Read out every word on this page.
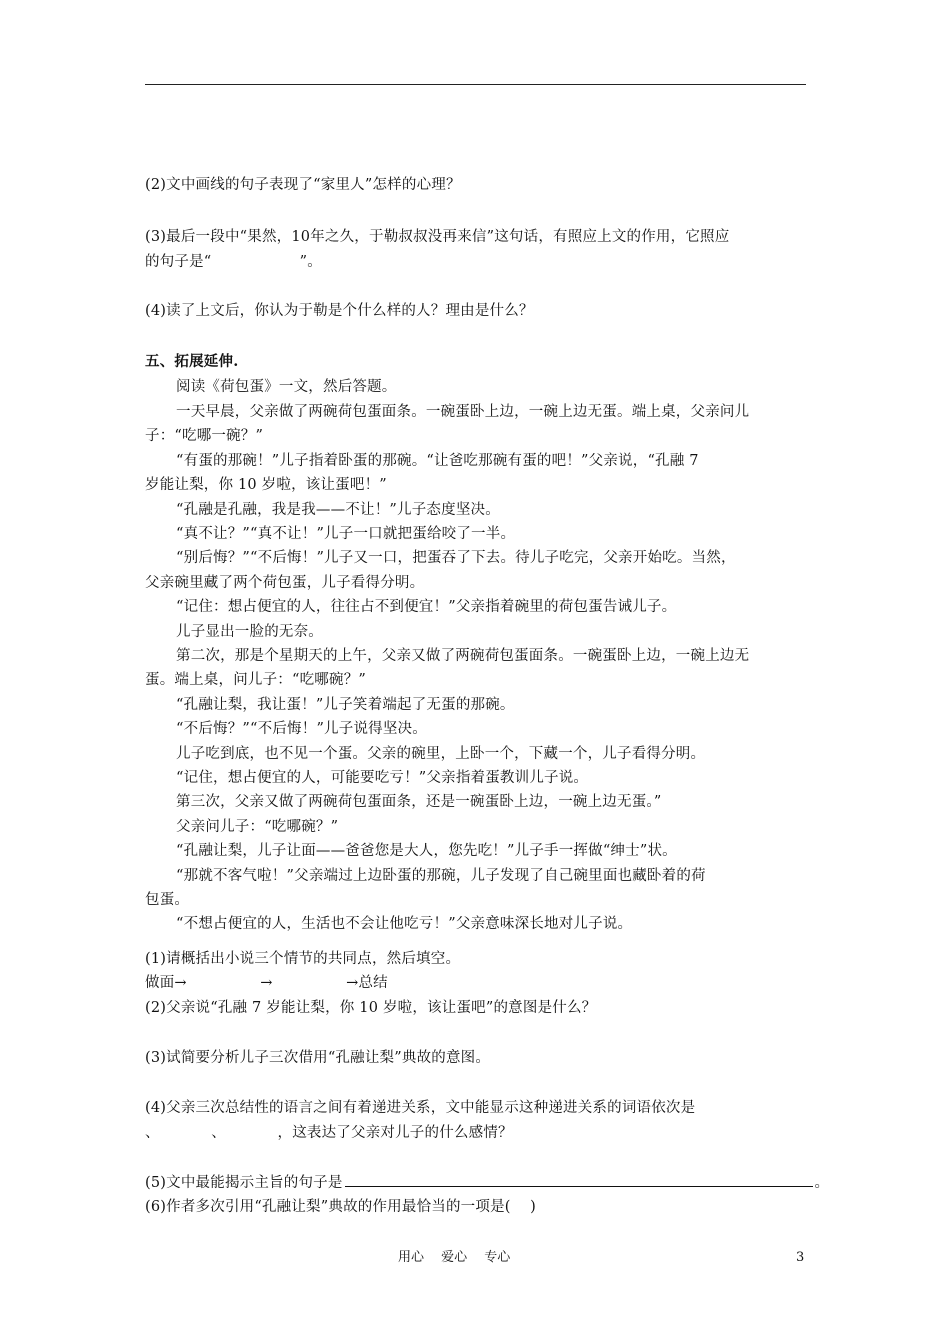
(2)文中画线的句子表现了“家里人”怎样的心理？
(3)最后一段中“果然，10年之久，于勒叔叔没再来信”这句话，有照应上文的作用，它照应
的句子是“　　　　　　”。
(4)读了上文后，你认为于勒是个什么样的人？理由是什么？
五、拓展延伸.
阅读《荷包蛋》一文，然后答题。
一天早晨，父亲做了两碗荷包蛋面条。一碗蛋卧上边，一碗上边无蛋。端上桌，父亲问儿
子：“吃哪一碗？”
“有蛋的那碗！”儿子指着卧蛋的那碗。“让爸吃那碗有蛋的吧！”父亲说，“孔融 7
岁能让梨，你 10 岁啦，该让蛋吧！”
“孔融是孔融，我是我——不让！”儿子态度坚决。
“真不让？”“真不让！”儿子一口就把蛋给咬了一半。
“别后悔？”“不后悔！”儿子又一口，把蛋吞了下去。待儿子吃完，父亲开始吃。当然，
父亲碗里藏了两个荷包蛋，儿子看得分明。
“记住：想占便宜的人，往往占不到便宜！”父亲指着碗里的荷包蛋告诫儿子。
儿子显出一脸的无奈。
第二次，那是个星期天的上午，父亲又做了两碗荷包蛋面条。一碗蛋卧上边，一碗上边无
蛋。端上桌，问儿子：“吃哪碗？”
“孔融让梨，我让蛋！”儿子笑着端起了无蛋的那碗。
“不后悔？”“不后悔！”儿子说得坚决。
儿子吃到底，也不见一个蛋。父亲的碗里，上卧一个，下藏一个，儿子看得分明。
“记住，想占便宜的人，可能要吃亏！”父亲指着蛋教训儿子说。
第三次，父亲又做了两碗荷包蛋面条，还是一碗蛋卧上边，一碗上边无蛋。”
父亲问儿子：“吃哪碗？”
“孔融让梨，儿子让面——爸爸您是大人，您先吃！”儿子手一挥做“绅士”状。
“那就不客气啦！”父亲端过上边卧蛋的那碗，儿子发现了自己碗里面也藏卧着的荷
包蛋。
“不想占便宜的人，生活也不会让他吃亏！”父亲意味深长地对儿子说。
(1)请概括出小说三个情节的共同点，然后填空。
做面→　　　　　→　　　　　→总结
(2)父亲说“孔融 7 岁能让梨，你 10 岁啦，该让蛋吧”的意图是什么？
(3)试简要分析儿子三次借用“孔融让梨”典故的意图。
(4)父亲三次总结性的语言之间有着递进关系，文中能显示这种递进关系的词语依次是
、　　　　、　　　　，这表达了父亲对儿子的什么感情？
(5)文中最能揭示主旨的句子是	。
(6)作者多次引用“孔融让梨”典故的作用最恰当的一项是(　 )
用心　 爱心　 专心	3
